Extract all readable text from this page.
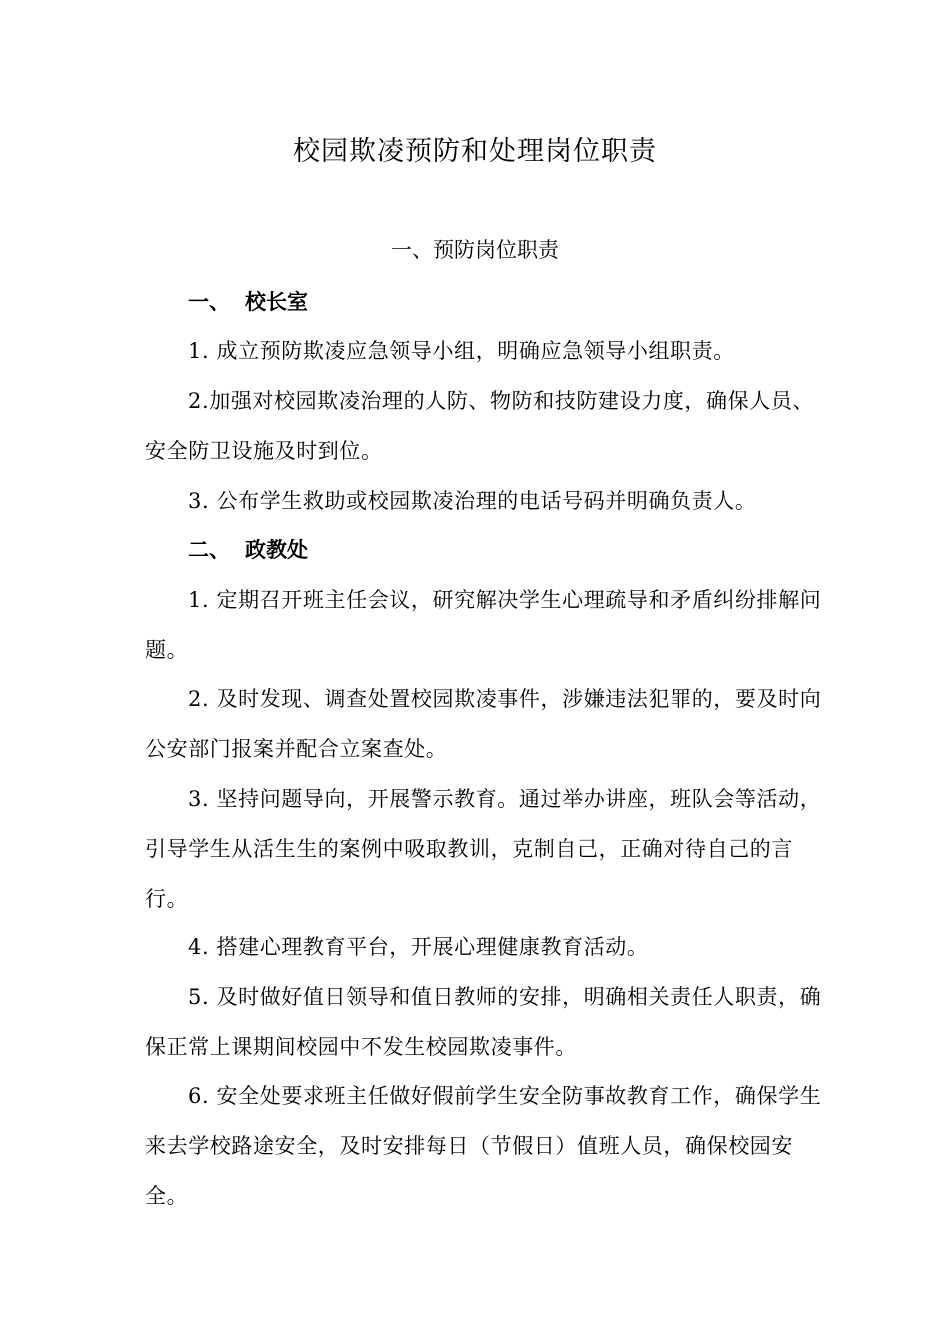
校园欺凌预防和处理岗位职责
一、预防岗位职责
一、 校长室
1. 成立预防欺凌应急领导小组，明确应急领导小组职责。
2.加强对校园欺凌治理的人防、物防和技防建设力度，确保人员、安全防卫设施及时到位。
3. 公布学生救助或校园欺凌治理的电话号码并明确负责人。
二、 政教处
1. 定期召开班主任会议，研究解决学生心理疏导和矛盾纠纷排解问题。
2. 及时发现、调查处置校园欺凌事件，涉嫌违法犯罪的，要及时向公安部门报案并配合立案查处。
3. 坚持问题导向，开展警示教育。通过举办讲座，班队会等活动，引导学生从活生生的案例中吸取教训，克制自己，正确对待自己的言行。
4. 搭建心理教育平台，开展心理健康教育活动。
5. 及时做好值日领导和值日教师的安排，明确相关责任人职责，确保正常上课期间校园中不发生校园欺凌事件。
6. 安全处要求班主任做好假前学生安全防事故教育工作，确保学生来去学校路途安全，及时安排每日（节假日）值班人员，确保校园安全。
